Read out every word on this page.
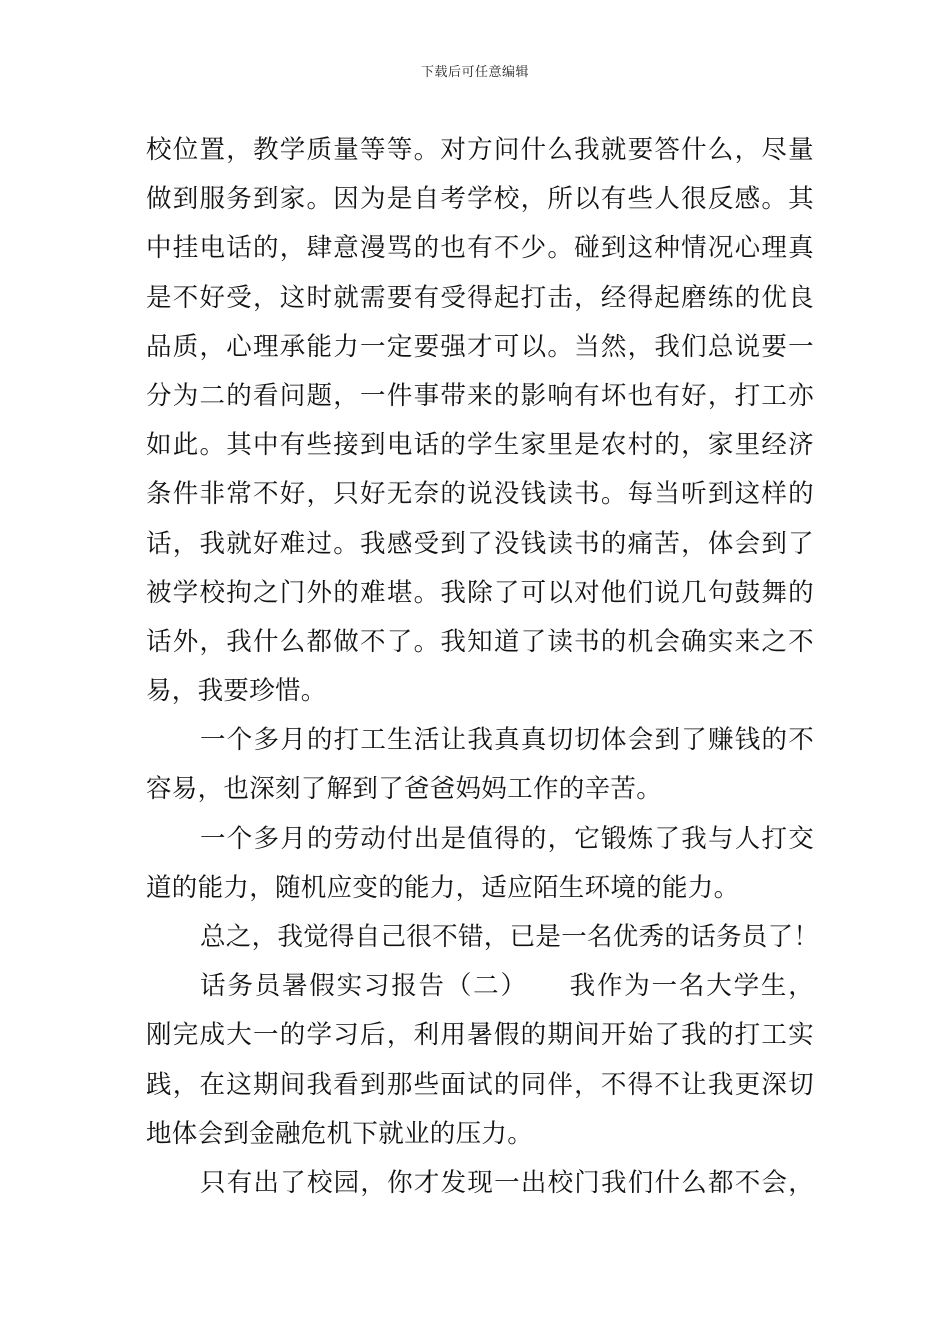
下载后可任意编辑
校位置，教学质量等等。对方问什么我就要答什么，尽量
做到服务到家。因为是自考学校，所以有些人很反感。其
中挂电话的，肆意漫骂的也有不少。碰到这种情况心理真
是不好受，这时就需要有受得起打击，经得起磨练的优良
品质，心理承能力一定要强才可以。当然，我们总说要一
分为二的看问题，一件事带来的影响有坏也有好，打工亦
如此。其中有些接到电话的学生家里是农村的，家里经济
条件非常不好，只好无奈的说没钱读书。每当听到这样的
话，我就好难过。我感受到了没钱读书的痛苦，体会到了
被学校拘之门外的难堪。我除了可以对他们说几句鼓舞的
话外，我什么都做不了。我知道了读书的机会确实来之不
易，我要珍惜。
一个多月的打工生活让我真真切切体会到了赚钱的不
容易，也深刻了解到了爸爸妈妈工作的辛苦。
一个多月的劳动付出是值得的，它锻炼了我与人打交
道的能力，随机应变的能力，适应陌生环境的能力。
总之，我觉得自己很不错，已是一名优秀的话务员了！
话务员暑假实习报告（二）　　我作为一名大学生，
刚完成大一的学习后，利用暑假的期间开始了我的打工实
践，在这期间我看到那些面试的同伴，不得不让我更深切
地体会到金融危机下就业的压力。
只有出了校园，你才发现一出校门我们什么都不会，
